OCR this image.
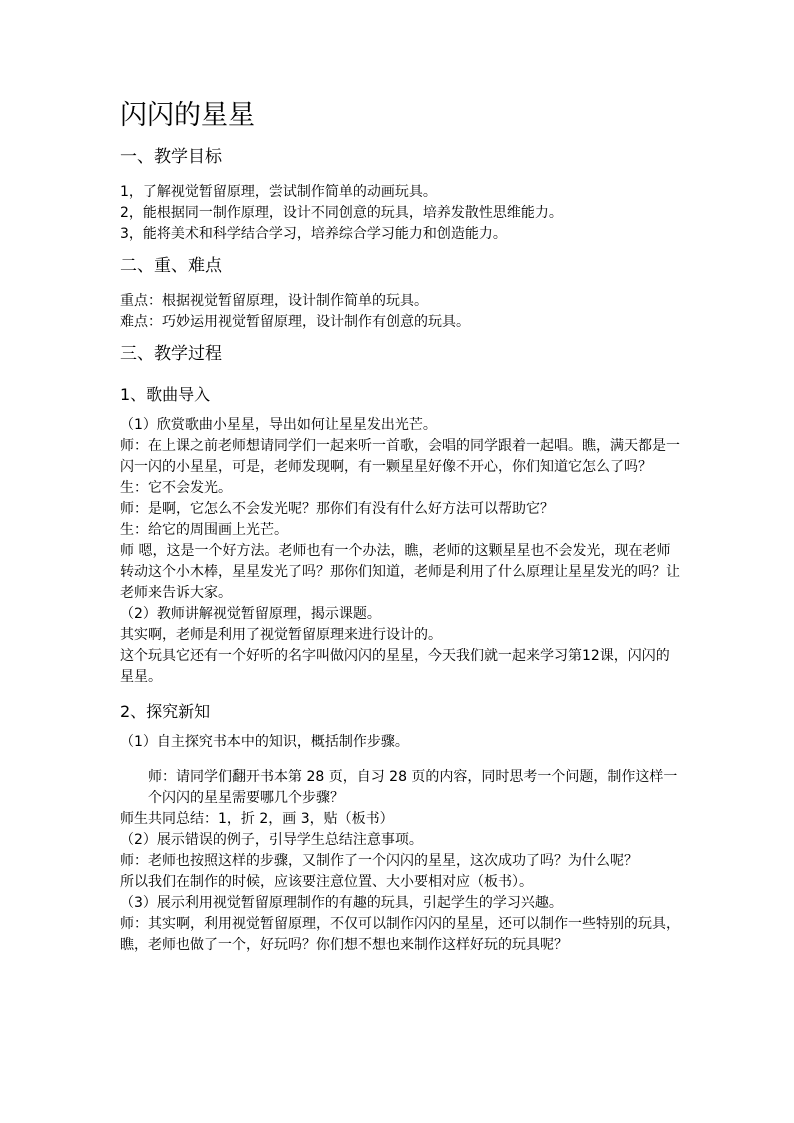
闪闪的星星
一、教学目标

1，了解视觉暂留原理，尝试制作简单的动画玩具。

2，能根据同一制作原理，设计不同创意的玩具，培养发散性思维能力。

3，能将美术和科学结合学习，培养综合学习能力和创造能力。

二、重、难点

重点：根据视觉暂留原理，设计制作简单的玩具。

难点：巧妙运用视觉暂留原理，设计制作有创意的玩具。

三、教学过程
1、歌曲导入

（1）欣赏歌曲小星星，导出如何让星星发出光芒。

师：在上课之前老师想请同学们一起来听一首歌，会唱的同学跟着一起唱。瞧，满天都是一闪一闪的小星星，可是，老师发现啊，有一颗星星好像不开心，你们知道它怎么了吗？

生：它不会发光。

师：是啊，它怎么不会发光呢？那你们有没有什么好方法可以帮助它？

生：给它的周围画上光芒。

师 嗯，这是一个好方法。老师也有一个办法，瞧，老师的这颗星星也不会发光，现在老师转动这个小木棒，星星发光了吗？那你们知道，老师是利用了什么原理让星星发光的吗？让老师来告诉大家。

（2）教师讲解视觉暂留原理，揭示课题。

其实啊，老师是利用了视觉暂留原理来进行设计的。

这个玩具它还有一个好听的名字叫做闪闪的星星，今天我们就一起来学习第12课，闪闪的星星。

2、探究新知

（1）自主探究书本中的知识，概括制作步骤。

师：请同学们翻开书本第 28 页，自习 28 页的内容，同时思考一个问题，制作这样一个闪闪的星星需要哪几个步骤？

师生共同总结：1，折 2，画 3，贴（板书）

（2）展示错误的例子，引导学生总结注意事项。

师：老师也按照这样的步骤，又制作了一个闪闪的星星，这次成功了吗？为什么呢？

所以我们在制作的时候，应该要注意位置、大小要相对应（板书）。

（3）展示利用视觉暂留原理制作的有趣的玩具，引起学生的学习兴趣。

师：其实啊，利用视觉暂留原理，不仅可以制作闪闪的星星，还可以制作一些特别的玩具，瞧，老师也做了一个，好玩吗？你们想不想也来制作这样好玩的玩具呢？
